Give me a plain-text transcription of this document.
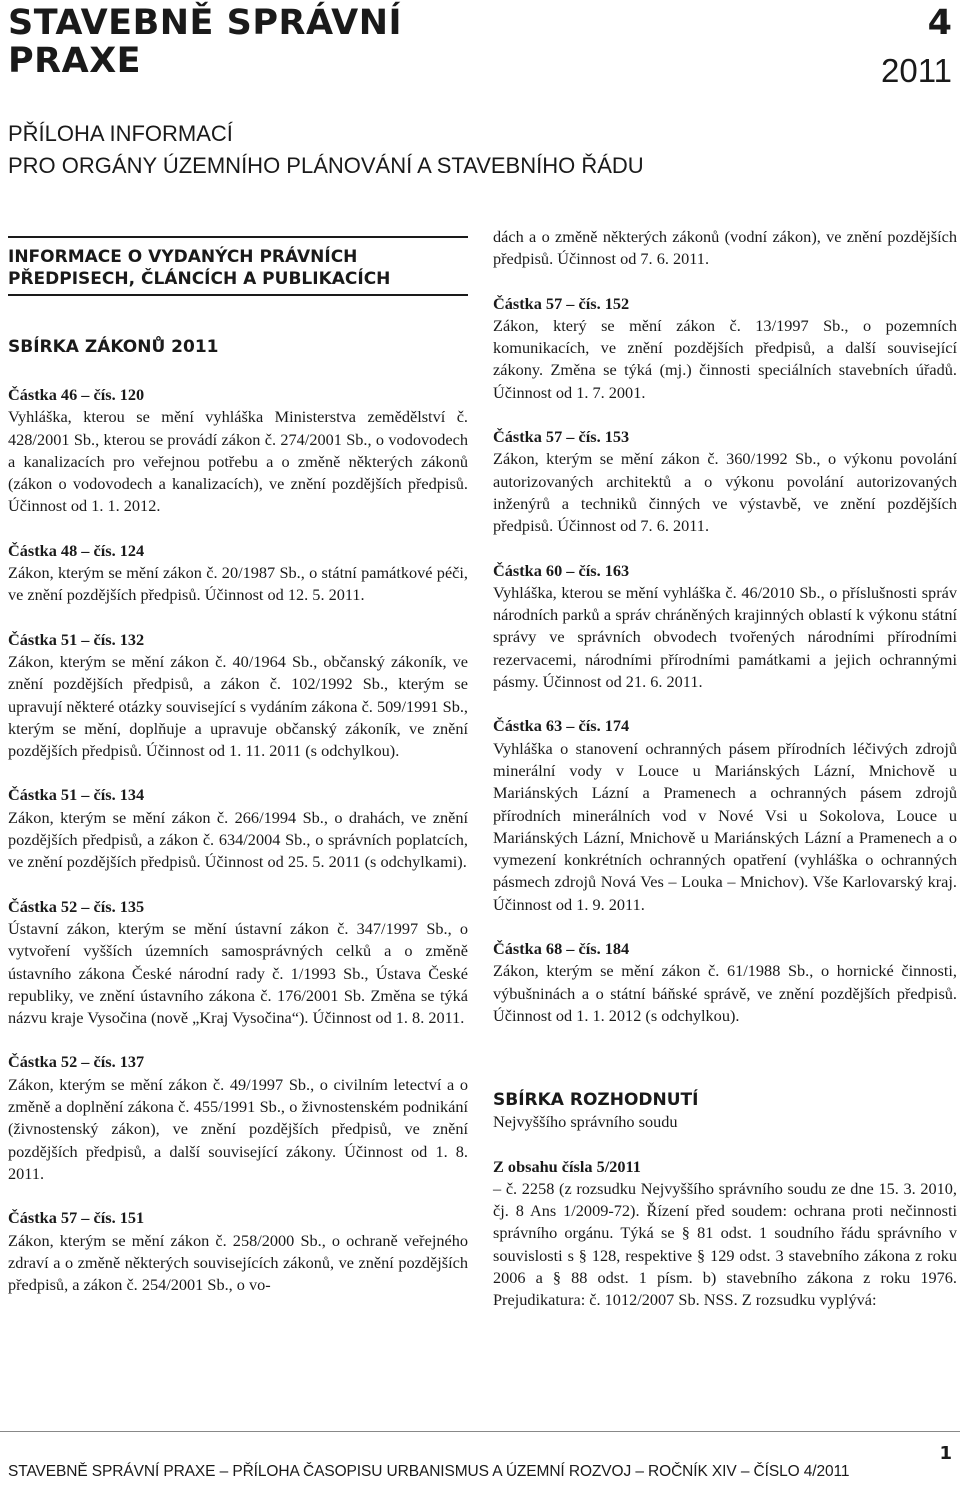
STAVEBNĚ SPRÁVNÍ
PRAXE
4
2011
PŘÍLOHA INFORMACÍ
PRO ORGÁNY ÚZEMNÍHO PLÁNOVÁNÍ A STAVEBNÍHO ŘÁDU
INFORMACE O VYDANÝCH PRÁVNÍCH
PŘEDPISECH, ČLÁNCÍCH A PUBLIKACÍCH
SBÍRKA ZÁKONŮ 2011
Částka 46 – čís. 120
Vyhláška, kterou se mění vyhláška Ministerstva zemědělství č. 428/2001 Sb., kterou se provádí zákon č. 274/2001 Sb., o vodovodech a kanalizacích pro veřejnou potřebu a o změně některých zákonů (zákon o vodovodech a kanalizacích), ve znění pozdějších předpisů. Účinnost od 1. 1. 2012.
Částka 48 – čís. 124
Zákon, kterým se mění zákon č. 20/1987 Sb., o státní památkové péči, ve znění pozdějších předpisů. Účinnost od 12. 5. 2011.
Částka 51 – čís. 132
Zákon, kterým se mění zákon č. 40/1964 Sb., občanský zákoník, ve znění pozdějších předpisů, a zákon č. 102/1992 Sb., kterým se upravují některé otázky související s vydáním zákona č. 509/1991 Sb., kterým se mění, doplňuje a upravuje občanský zákoník, ve znění pozdějších předpisů. Účinnost od 1. 11. 2011 (s odchylkou).
Částka 51 – čís. 134
Zákon, kterým se mění zákon č. 266/1994 Sb., o drahách, ve znění pozdějších předpisů, a zákon č. 634/2004 Sb., o správních poplatcích, ve znění pozdějších předpisů. Účinnost od 25. 5. 2011 (s odchylkami).
Částka 52 – čís. 135
Ústavní zákon, kterým se mění ústavní zákon č. 347/1997 Sb., o vytvoření vyšších územních samosprávných celků a o změně ústavního zákona České národní rady č. 1/1993 Sb., Ústava České republiky, ve znění ústavního zákona č. 176/2001 Sb. Změna se týká názvu kraje Vysočina (nově „Kraj Vysočina“). Účinnost od 1. 8. 2011.
Částka 52 – čís. 137
Zákon, kterým se mění zákon č. 49/1997 Sb., o civilním letectví a o změně a doplnění zákona č. 455/1991 Sb., o živnostenském podnikání (živnostenský zákon), ve znění pozdějších předpisů, ve znění pozdějších předpisů, a další související zákony. Účinnost od 1. 8. 2011.
Částka 57 – čís. 151
Zákon, kterým se mění zákon č. 258/2000 Sb., o ochraně veřejného zdraví a o změně některých souvisejících zákonů, ve znění pozdějších předpisů, a zákon č. 254/2001 Sb., o vo-
dách a o změně některých zákonů (vodní zákon), ve znění pozdějších předpisů. Účinnost od 7. 6. 2011.
Částka 57 – čís. 152
Zákon, který se mění zákon č. 13/1997 Sb., o pozemních komunikacích, ve znění pozdějších předpisů, a další související zákony. Změna se týká (mj.) činnosti speciálních stavebních úřadů. Účinnost od 1. 7. 2001.
Částka 57 – čís. 153
Zákon, kterým se mění zákon č. 360/1992 Sb., o výkonu povolání autorizovaných architektů a o výkonu povolání autorizovaných inženýrů a techniků činných ve výstavbě, ve znění pozdějších předpisů. Účinnost od 7. 6. 2011.
Částka 60 – čís. 163
Vyhláška, kterou se mění vyhláška č. 46/2010 Sb., o příslušnosti správ národních parků a správ chráněných krajinných oblastí k výkonu státní správy ve správních obvodech tvořených národními přírodními rezervacemi, národními přírodními památkami a jejich ochrannými pásmy. Účinnost od 21. 6. 2011.
Částka 63 – čís. 174
Vyhláška o stanovení ochranných pásem přírodních léčivých zdrojů minerální vody v Louce u Mariánských Lázní, Mnichově u Mariánských Lázní a Pramenech a ochranných pásem zdrojů přírodních minerálních vod v Nové Vsi u Sokolova, Louce u Mariánských Lázní, Mnichově u Mariánských Lázní a Pramenech a o vymezení konkrétních ochranných opatření (vyhláška o ochranných pásmech zdrojů Nová Ves – Louka – Mnichov). Vše Karlovarský kraj. Účinnost od 1. 9. 2011.
Částka 68 – čís. 184
Zákon, kterým se mění zákon č. 61/1988 Sb., o hornické činnosti, výbušninách a o státní báňské správě, ve znění pozdějších předpisů. Účinnost od 1. 1. 2012 (s odchylkou).
SBÍRKA ROZHODNUTÍ
Nejvyššího správního soudu
Z obsahu čísla 5/2011
– č. 2258 (z rozsudku Nejvyššího správního soudu ze dne 15. 3. 2010, čj. 8 Ans 1/2009-72). Řízení před soudem: ochrana proti nečinnosti správního orgánu. Týká se § 81 odst. 1 soudního řádu správního v souvislosti s § 128, respektive § 129 odst. 3 stavebního zákona z roku 2006 a § 88 odst. 1 písm. b) stavebního zákona z roku 1976. Prejudikatura: č. 1012/2007 Sb. NSS. Z rozsudku vyplývá:
STAVEBNĚ SPRÁVNÍ PRAXE – PŘÍLOHA ČASOPISU URBANISMUS A ÚZEMNÍ ROZVOJ – ROČNÍK XIV – ČÍSLO 4/2011
1
